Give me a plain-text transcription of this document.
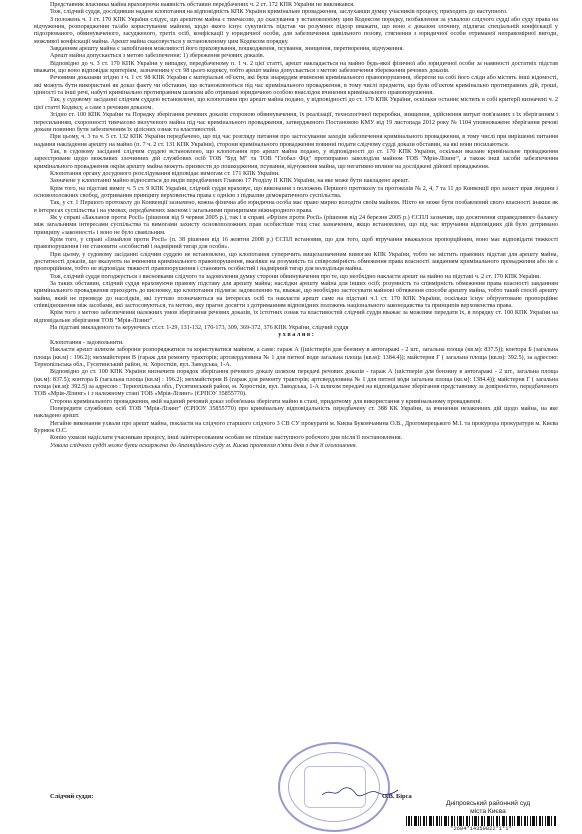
Представник власника майна враховуючи наявність обставин передбачених ч. 2 ст. 172 КПК України не викликався.

Тож, слідчий суддя, дослідивши надане клопотання на відповідність КПК України кримінальне провадження, заслухавши думку учасників процесу, приходить до наступного.

З положень ч. 1 ст. 170 КПК України слідує, що арештом майна є тимчасове, до скасування у встановленому цим Кодексом порядку, позбавлення за ухвалою слідчого судді або суду права на відчуження, розпорядження та/або користування майном, щодо якого існує сукупність підстав чи розумних підозр вважати, що воно є доказом злочину, підлягає спеціальній конфіскації у підозрюваного, обвинуваченого, засудженого, третіх осіб, конфіскації у юридичної особи, для забезпечення цивільного позову, стягнення з юридичної особи отриманої неправомірної вигоди, можливої конфіскації майна. Арешт майна скасовується у встановленому цим Кодексом порядку.

Завданням арешту майна є запобігання можливості його приховування, пошкодження, псування, знищення, перетворення, відчуження.

Арешт майна допускається з метою забезпечення: 1) збереження речових доказів.

Відповідно до ч. 3 ст. 170 КПК України у випадку, передбаченому п. 1 ч. 2 цієї статті, арешт накладається на майно будь-якої фізичної або юридичної особи за наявності достатніх підстав вважати, що воно відповідає критеріям, зазначеним у ст. 98 цього кодексу, тобто арешт майна допускається з метою забезпечення збереження речових доказів.

Речовими доказами згідно з ч. 1 ст. 98 КПК України є матеріальні об'єкти, які були знаряддям вчинення кримінального правопорушення, зберегли на собі його сліди або містять інші відомості, які можуть бути використані як доказ факту чи обставин, що встановлюються під час кримінального провадження, в тому числі предмети, що були об'єктом кримінально протиправних дій, гроші, цінності та інші речі, набуті кримінально протиправним шляхом або отримані юридичною особою внаслідок вчинення кримінального правопорушення.

Так, у судовому засіданні слідчим суддею встановлено, що клопотання про арешт майна подано, у відповідності до ст. 170 КПК України, оскільки останнє містить в собі критерії визначені ч. 2 цієї статті Кодексу, а саме з речовим доказом.

Згідно ст. 100 КПК України та Порядку зберігання речових доказів стороною обвинувачення, їх реалізації, технологічної переробки, знищення, здійснення витрат пов'язаних з їх зберіганням і пересиланням, схоронності тимчасово вилученого майна під час кримінального провадження, затвердженого Постановою КМУ від 19 листопада 2012 року № 1104 уповноважене зберігання речові докази повинно бути забезпеченим їх цілісних ознак та властивостей.

При цьому, ч. 3 та ч. 5 ст. 132 КПК України передбачено, що під час розгляду питання про застосування заходів забезпечення кримінального провадження, в тому числі при вирішенні питання надання накладення арешту на майно (п. 7 ч. 2 ст. 131 КПК України), сторони кримінального провадження повинні подати слідчому судді докази обставин, на які вони посилаються.

Так, в судовому засіданні слідчим суддею встановлено, що клопотання про арешт майна подано, у відповідності до ст. 170 КПК України, оскільки вказане кримінальне провадження зареєстроване щодо можливих злочинних дій службових осіб ТОВ "Буд М" та ТОВ "Глобал Фід" протиправно заволоділи майном ТОВ "Мрія-Лізинг", а також інші засоби забезпечення кримінального провадження окрім арешту майна можуть призвести до пошкодження, псування, відчуження майна, що негативно вплине на досліджені дійової провадження.

Клопотання органу досудового розслідування відповідає вимогам ст. 171 КПК України.

Зазначене у клопотанні майно відноситься до видів передбачених Главою 17 Розділу II КПК України, на яке може бути накладено арешт.

Крім того, на підставі вимог ч. 5 ст. 9 КПК України, слідчий суддя враховує, що виконання з положень Першого протоколу та протоколів № 2, 4, 7 та 11 до Конвенції про захист прав людини і основоположних свобод, дотримання принципу верховенства права є однією з підвалин демократичного суспільства.

Так, у ст. 1 Першого протоколу до Конвенції зазначено, кожна фізична або юридична особа має право мирно володіти своїм майном. Ніхто не може бути позбавлений свого власності інакше як в інтересах суспільства і на умовах, передбачених законом і загальними принципами міжнародного права.

Як у справі «Бакланов проти Росії» (рішення від 9 червня 2005 р.), так і в справі «Фрізен проти Росії» (рішення від 24 березня 2005 р.) ЄСПЛ зазначив, що досягнення справедливого балансу між загальними інтересами суспільства та вимогами захисту основоположних прав особистіше тощ стає зазначеним, якщо встановлено, що під час втручання відповідних дій було дотримано принципу «законності» і воно не було свавільним.

Крім того, у справі «Ізмайлов проти Росії» (п. 38 рішення від 16 жовтня 2008 р.) ЄСПЛ встановив, що для того, щоб втручання вважалося пропорційним, воно має відповідати тяжкості правопорушення і не становити «особистий і надмірний тягар для особи».

При цьому, у судовому засіданні слідчим суддею не встановлено, що клопотання суперечить вищезазначеним вимогам КПК України, тобто не містить правових підстав для арешту майна, достатності доказів, що вказують на вчинення кримінального правопорушення, вказівки на розумність та співрозмірність обмеження права власності завданням кримінального провадження або не є пропорційним, тобто не відповідає тяжкості правопорушення і становить особистий і надмірний тягар для володільця майна.

Тож, слідчий суддя погоджується з висновками слідчого та задоволення думку сторони обвинувачення про те, що необхідно накласти арешт на майно на підставі ч. 2 ст. 170 КПК України.

За таких обставин, слідчий суддя враховуючи правову підставу для арешту майна; наслідки арешту майна для інших осіб; розумність та співмірність обмеження права власності завданням кримінального провадження приходить до висновку, що клопотання підлягає задоволенню та, вважає, що необхідно застосувати майнові обтяження способи арешту майна, тобто такий спосіб арешту майна, який не призведе до наслідків, які суттєво позначаються на інтересах осіб та накласти арешт саме на підставі ч.1 ст. 170 КПК України, оскільки існує обґрунтоване пропорційне співвідношення між засобами, які застосовуються, та метою, яку прагне досягти з дотриманням відповідних положень національного законодавства та принципів верховенства права.

Крім того з метою забезпечення належних умов зберігання речових доказів, їх істотних ознак та властивостей слідчий суддя вважає за можливе передати їх, в порядку ст. 100 КПК України на відповідальне зберігання ТОВ "Мрія-Лізинг".

На підставі викладеного та керуючись ст.ст. 1-29, 131-132, 170-173, 309, 369-372, 376 КПК України, слідчий суддя

у х в а л и в :

Клопотання - задовольнити.

Накласти арешт шляхом заборони розпоряджатися та користуватися майном, а саме: гараж А ((шістперін для бензину в автогаражі - 2 шт., загальна площа (кв.м): 837.5)); контора Б (загальна площа (кв.м) : 196.2); мехмайстерня В (гараж для ремонту тракторів; артсвердловина № 1 для питної води загальна площа (кв.м): 1384.4)); майстерня Г ( загальна площа (кв.м): 392.5), за адресою: Тернопільська обл., Гусятинський район, м. Хоростків, вул. Заводська, 1-А.

Відповідно до ст. 100 КПК України визначити порядок зберігання речового доказу шляхом передачі речових доказів - гараж А (шістперін для бензину в автогаражі - 2 шт., загальна площа (кв.м): 837.5); контора Б (загальна площа (кв.м) : 196.2); мехмайстерня В (гараж для ремонту тракторів; артсвердловина № 1 для питної води загальна площа (кв.м): 1384.4)); майстерня Г ( загальна площа (кв.м): 392.5) за адресою : Тернопільська обл., Гусятинський район, м. Хоростків, вул. Заводська, 1-А шляхом передачі на відповідальне зберігання представнику за довіреністю, передбаченого ТОВ «Мрія-Лізинг» і з належному стані ТОВ «Мрія-Лізинг» (ЄРПОУ 35855770).

Сторона кримінального провадження, якій наданий речовий доказ зобов'язана зберігати майно в стані, придатному для використання у кримінальному провадженні.

Попередити службових осіб ТОВ "Мрія-Лізинг" (ЄРПОУ 35855770) про кримінальну відповідальність передбачену ст. 388 КК України, за вчинення незаконних дій щодо майна, на яке накладено арешт.

Негайне виконання ухвали про арешт майна, покласти на слідчого старшого слідчого 3 СВ СУ прокурати м. Києва Букомчанина О.В., Дрогомирецького М.І. та прокурора прокуратури м. Києва Бурнюк О.С.

Копію ухвали надіслати учасникам процесу, інші заінтересованим особам не пізніше наступного робочого дня після її постановлення.

Ухвала слідчого судді може бути оскаржена до Апеляційного суду м. Києва протягом п'яти днів з дня її оголошення.

Слідчий суддя:	О.В. Бірса
Дніпровський районний суд
міста Києва
*2604*14359822*1*1*
